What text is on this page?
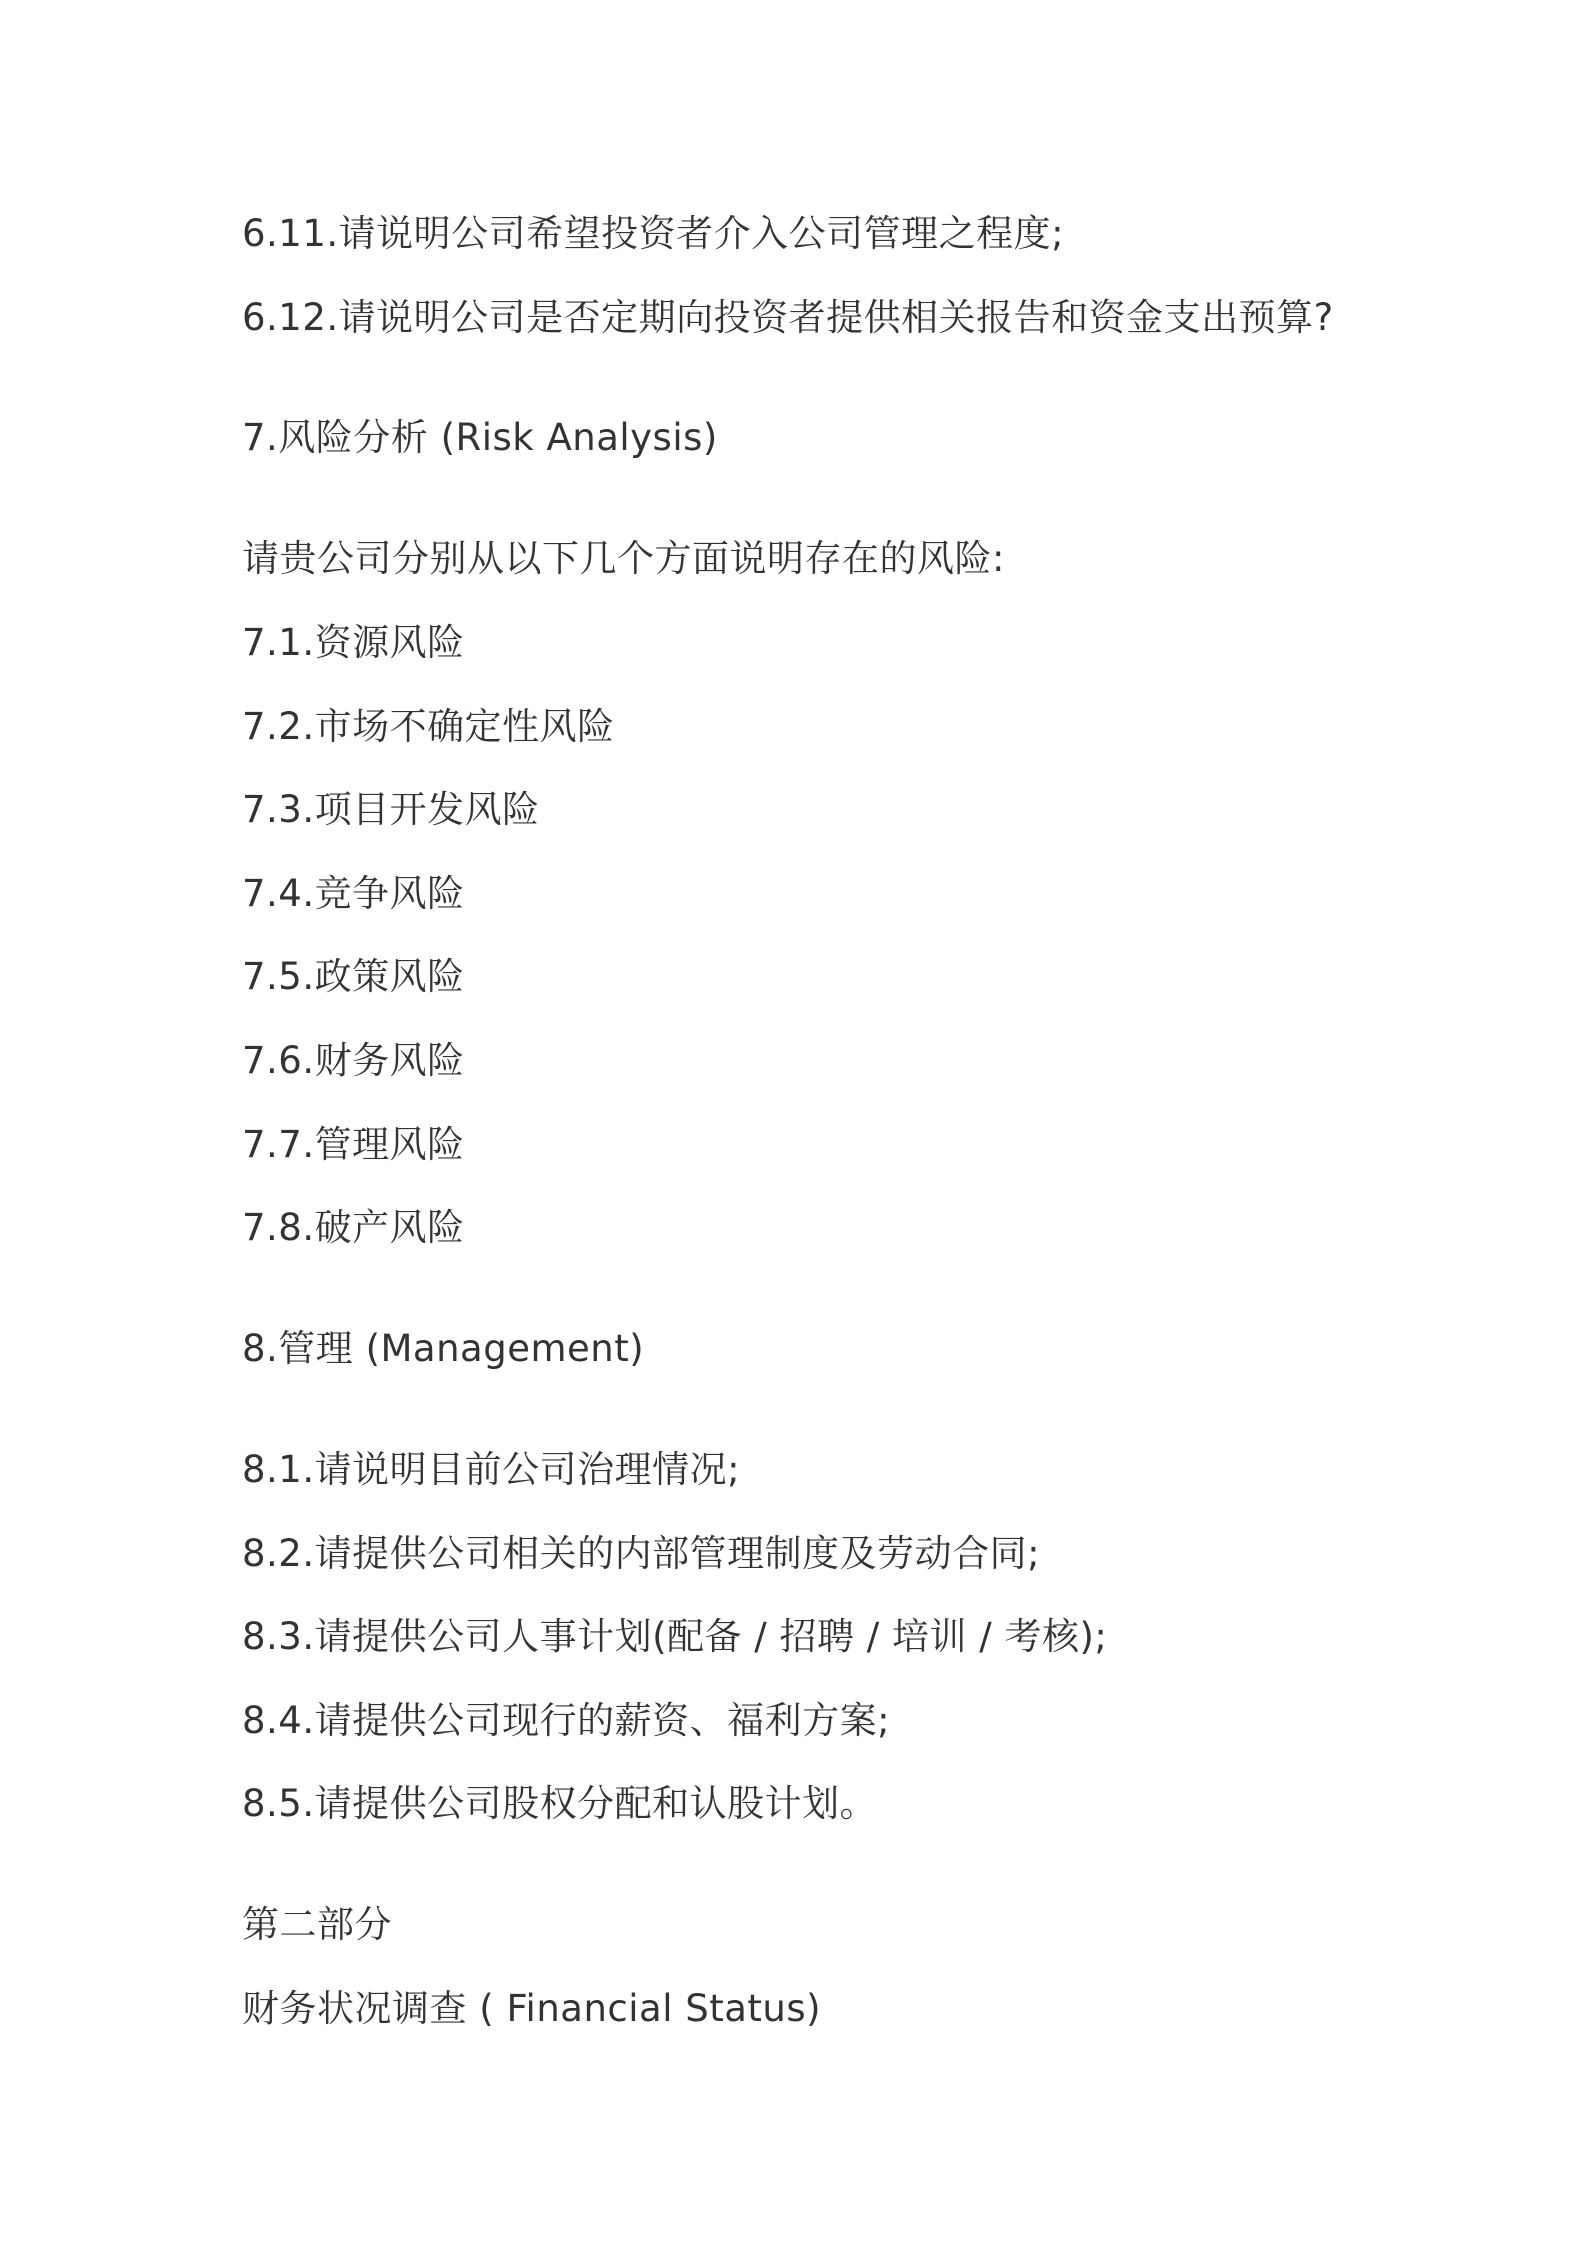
6.11.请说明公司希望投资者介入公司管理之程度;
6.12.请说明公司是否定期向投资者提供相关报告和资金支出预算?
7.风险分析 (Risk Analysis)
请贵公司分别从以下几个方面说明存在的风险:
7.1.资源风险
7.2.市场不确定性风险
7.3.项目开发风险
7.4.竞争风险
7.5.政策风险
7.6.财务风险
7.7.管理风险
7.8.破产风险
8.管理 (Management)
8.1.请说明目前公司治理情况;
8.2.请提供公司相关的内部管理制度及劳动合同;
8.3.请提供公司人事计划(配备 / 招聘 / 培训 / 考核);
8.4.请提供公司现行的薪资、福利方案;
8.5.请提供公司股权分配和认股计划。
第二部分
财务状况调查 ( Financial Status)
